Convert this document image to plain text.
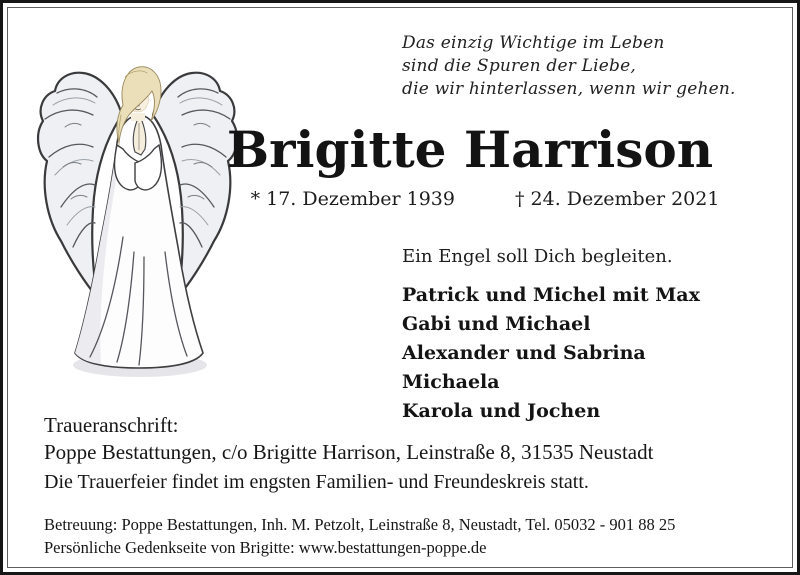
Das einzig Wichtige im Leben
sind die Spuren der Liebe,
die wir hinterlassen, wenn wir gehen.
Brigitte Harrison
* 17. Dezember 1939	† 24. Dezember 2021
Ein Engel soll Dich begleiten.
Patrick und Michel mit Max
Gabi und Michael
Alexander und Sabrina
Michaela
Karola und Jochen
Traueranschrift:
Poppe Bestattungen, c/o Brigitte Harrison, Leinstraße 8, 31535 Neustadt
Die Trauerfeier findet im engsten Familien- und Freundeskreis statt.
Betreuung: Poppe Bestattungen, Inh. M. Petzolt, Leinstraße 8, Neustadt, Tel. 05032 - 901 88 25
Persönliche Gedenkseite von Brigitte: www.bestattungen-poppe.de
